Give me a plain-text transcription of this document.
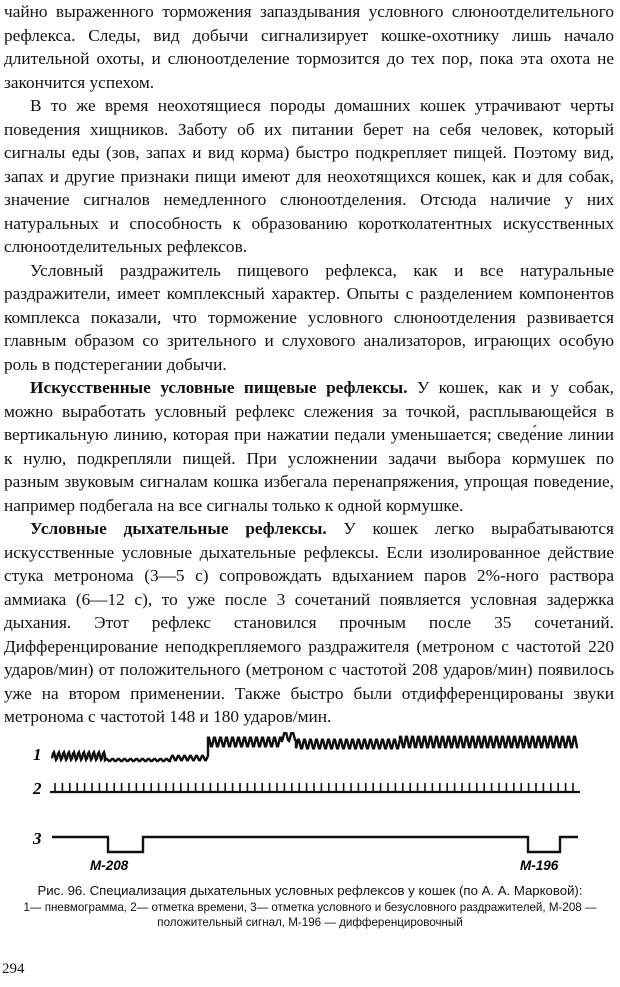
чайно выраженного торможения запаздывания условного слюноотделительного рефлекса. Следы, вид добычи сигнализирует кошке-охотнику лишь начало длительной охоты, и слюноотделение тормозится до тех пор, пока эта охота не закончится успехом.

В то же время неохотящиеся породы домашних кошек утрачивают черты поведения хищников. Заботу об их питании берет на себя человек, который сигналы еды (зов, запах и вид корма) быстро подкрепляет пищей. Поэтому вид, запах и другие признаки пищи имеют для неохотящихся кошек, как и для собак, значение сигналов немедленного слюноотделения. Отсюда наличие у них натуральных и способность к образованию коротколатентных искусственных слюноотделительных рефлексов.

Условный раздражитель пищевого рефлекса, как и все натуральные раздражители, имеет комплексный характер. Опыты с разделением компонентов комплекса показали, что торможение условного слюноотделения развивается главным образом со зрительного и слухового анализаторов, играющих особую роль в подстерегании добычи.

Искусственные условные пищевые рефлексы. У кошек, как и у собак, можно выработать условный рефлекс слежения за точкой, расплывающейся в вертикальную линию, которая при нажатии педали уменьшается; сведе́ние линии к нулю, подкрепляли пищей. При усложнении задачи выбора кормушек по разным звуковым сигналам кошка избегала перенапряжения, упрощая поведение, например подбегала на все сигналы только к одной кормушке.

Условные дыхательные рефлексы. У кошек легко вырабатываются искусственные условные дыхательные рефлексы. Если изолированное действие стука метронома (3—5 с) сопровождать вдыханием паров 2%-ного раствора аммиака (6—12 с), то уже после 3 сочетаний появляется условная задержка дыхания. Этот рефлекс становился прочным после 35 сочетаний. Дифференцирование неподкрепляемого раздражителя (метроном с частотой 220 ударов/мин) от положительного (метроном с частотой 208 ударов/мин) появилось уже на втором применении. Также быстро были отдифференцированы звуки метронома с частотой 148 и 180 ударов/мин.

1
2
3
М-208	М-196

Рис. 96. Специализация дыхательных условных рефлексов у кошек (по А. А. Марковой):

1— пневмограмма, 2— отметка времени, 3— отметка условного и безусловного раздражителей, М-208 — положительный сигнал, М-196 — дифференцировочный

294
